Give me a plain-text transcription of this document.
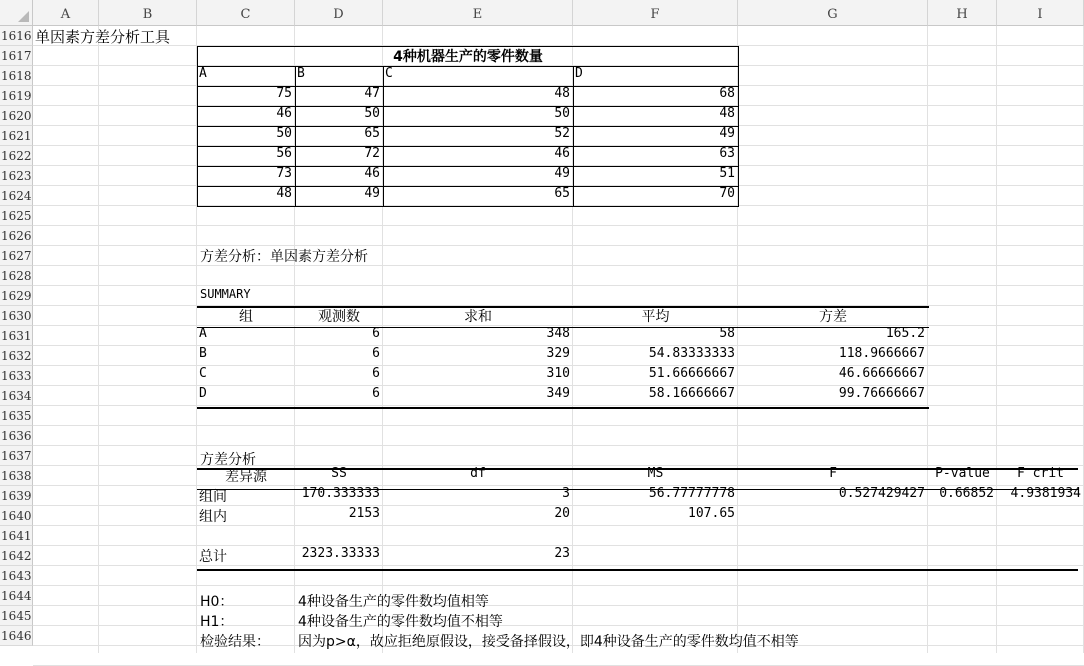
A	B	C	D	E	F	G	H	I
1616
1617
1618
1619
1620
1621
1622
1623
1624
1625
1626
1627
1628
1629
1630
1631
1632
1633
1634
1635
1636
1637
1638
1639
1640
1641
1642
1643
1644
1645
1646
单因素方差分析工具
4种机器生产的零件数量
方差分析：单因素方差分析
SUMMARY
方差分析
H0：	4种设备生产的零件数均值相等
H1：	4种设备生产的零件数均值不相等
检验结果：	因为p>α，故应拒绝原假设，接受备择假设，即4种设备生产的零件数均值不相等
A	B	C	D
75	47	48	68
46	50	50	48
50	65	52	49
56	72	46	63
73	46	49	51
48	49	65	70
组	观测数	求和	平均	方差
A	6	348	58	165.2
B	6	329	54.83333333	118.9666667
C	6	310	51.66666667	46.66666667
D	6	349	58.16666667	99.76666667
差异源	SS	df	MS	F	P-value	F crit
组间	170.333333	3	56.77777778	0.527429427	0.66852	4.9381934
组内	2153	20	107.65
总计	2323.33333	23
